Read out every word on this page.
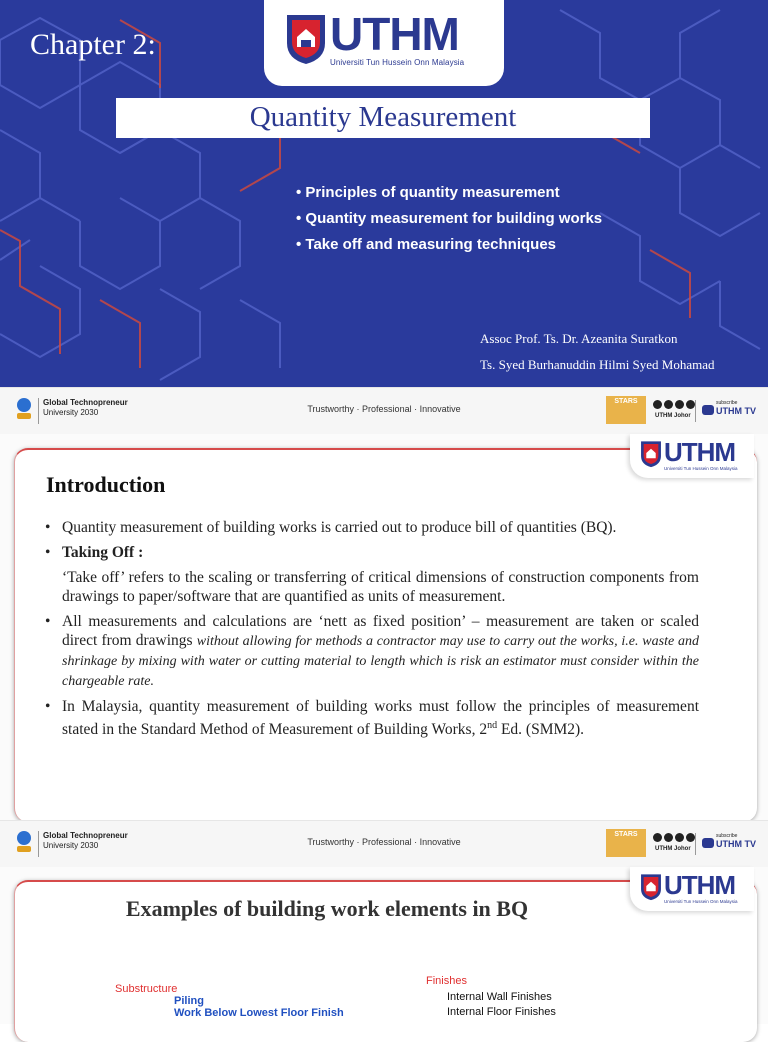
Chapter 2:	UTHM
Universiti Tun Hussein Onn Malaysia
Quantity Measurement
• Principles of quantity measurement
• Quantity measurement for building works
• Take off and measuring techniques
Assoc Prof. Ts. Dr. Azeanita Suratkon
Ts. Syed Burhanuddin Hilmi Syed Mohamad
Global Technopreneur
University 2030	Trustworthy · Professional · Innovative
STARS
UTHM Johor
subscribe
UTHM TV
UTHM
Universiti Tun Hussein Onn Malaysia
Introduction
• Quantity measurement of building works is carried out to produce bill of quantities (BQ).
• Taking Off :
‘Take off’ refers to the scaling or transferring of critical dimensions of construction components from drawings to paper/software that are quantified as units of measurement.
• All measurements and calculations are ‘nett as fixed position’ – measurement are taken or scaled direct from drawings without allowing for methods a contractor may use to carry out the works, i.e. waste and shrinkage by mixing with water or cutting material to length which is risk an estimator must consider within the chargeable rate.
• In Malaysia, quantity measurement of building works must follow the principles of measurement stated in the Standard Method of Measurement of Building Works, 2nd Ed. (SMM2).
Global Technopreneur
University 2030	Trustworthy · Professional · Innovative
STARS
UTHM Johor
subscribe
UTHM TV
UTHM
Universiti Tun Hussein Onn Malaysia
Examples of building work elements in BQ
Substructure
Piling
Work Below Lowest Floor Finish
Finishes
Internal Wall Finishes
Internal Floor Finishes
